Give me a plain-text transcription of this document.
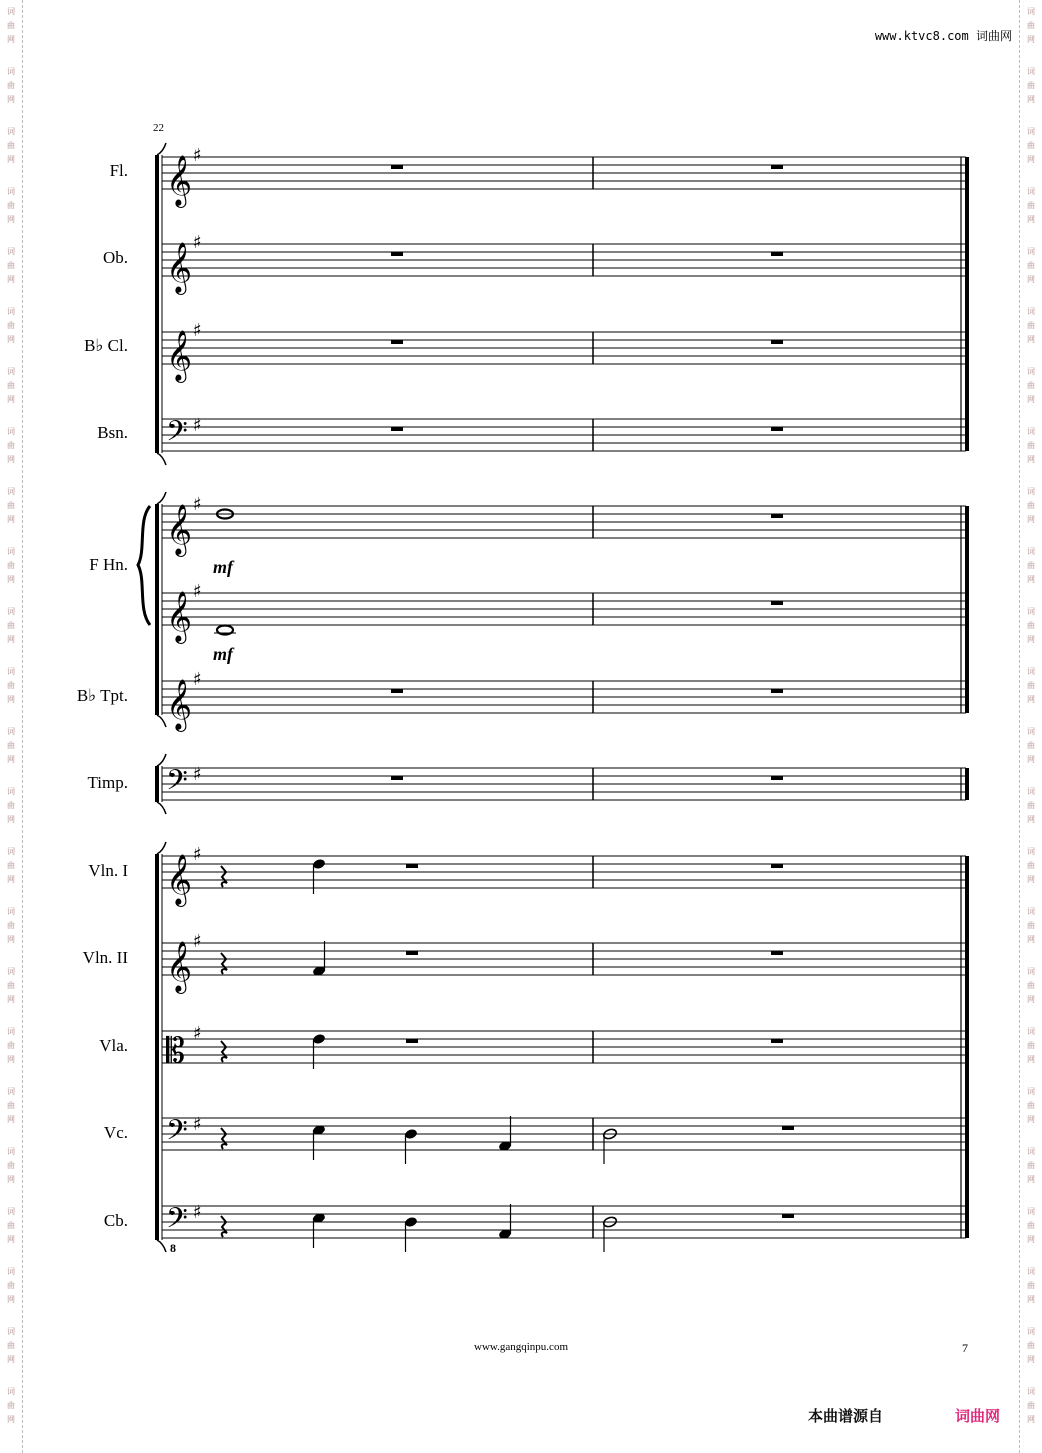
www.ktvc8.com 词曲网
22
Fl.
Ob.
B♭ Cl.
Bsn.
F Hn.
B♭ Tpt.
Timp.
Vln. I
Vln. II
Vla.
Vc.
Cb.
𝄞 ♯
𝄞 ♯
𝄞 ♯
𝄢 ♯
𝄞 ♯
𝄞 ♯
𝄞 ♯
𝄢 ♯
𝄞 ♯
𝄞 ♯
𝄡 ♯
𝄢 ♯
𝄢 ♯
8
mf
mf
www.gangqinpu.com	7
本曲谱源自	词曲网
词
曲
网
词
曲
网
词
曲
网
词
曲
网
词
曲
网
词
曲
网
词
曲
网
词
曲
网
词
曲
网
词
曲
网
词
曲
网
词
曲
网
词
曲
网
词
曲
网
词
曲
网
词
曲
网
词
曲
网
词
曲
网
词
曲
网
词
曲
网
词
曲
网
词
曲
网
词
曲
网
词
曲
网
词
曲
网
词
曲
网
词
曲
网
词
曲
网
词
曲
网
词
曲
网
词
曲
网
词
曲
网
词
曲
网
词
曲
网
词
曲
网
词
曲
网
词
曲
网
词
曲
网
词
曲
网
词
曲
网
词
曲
网
词
曲
网
词
曲
网
词
曲
网
词
曲
网
词
曲
网
词
曲
网
词
曲
网
